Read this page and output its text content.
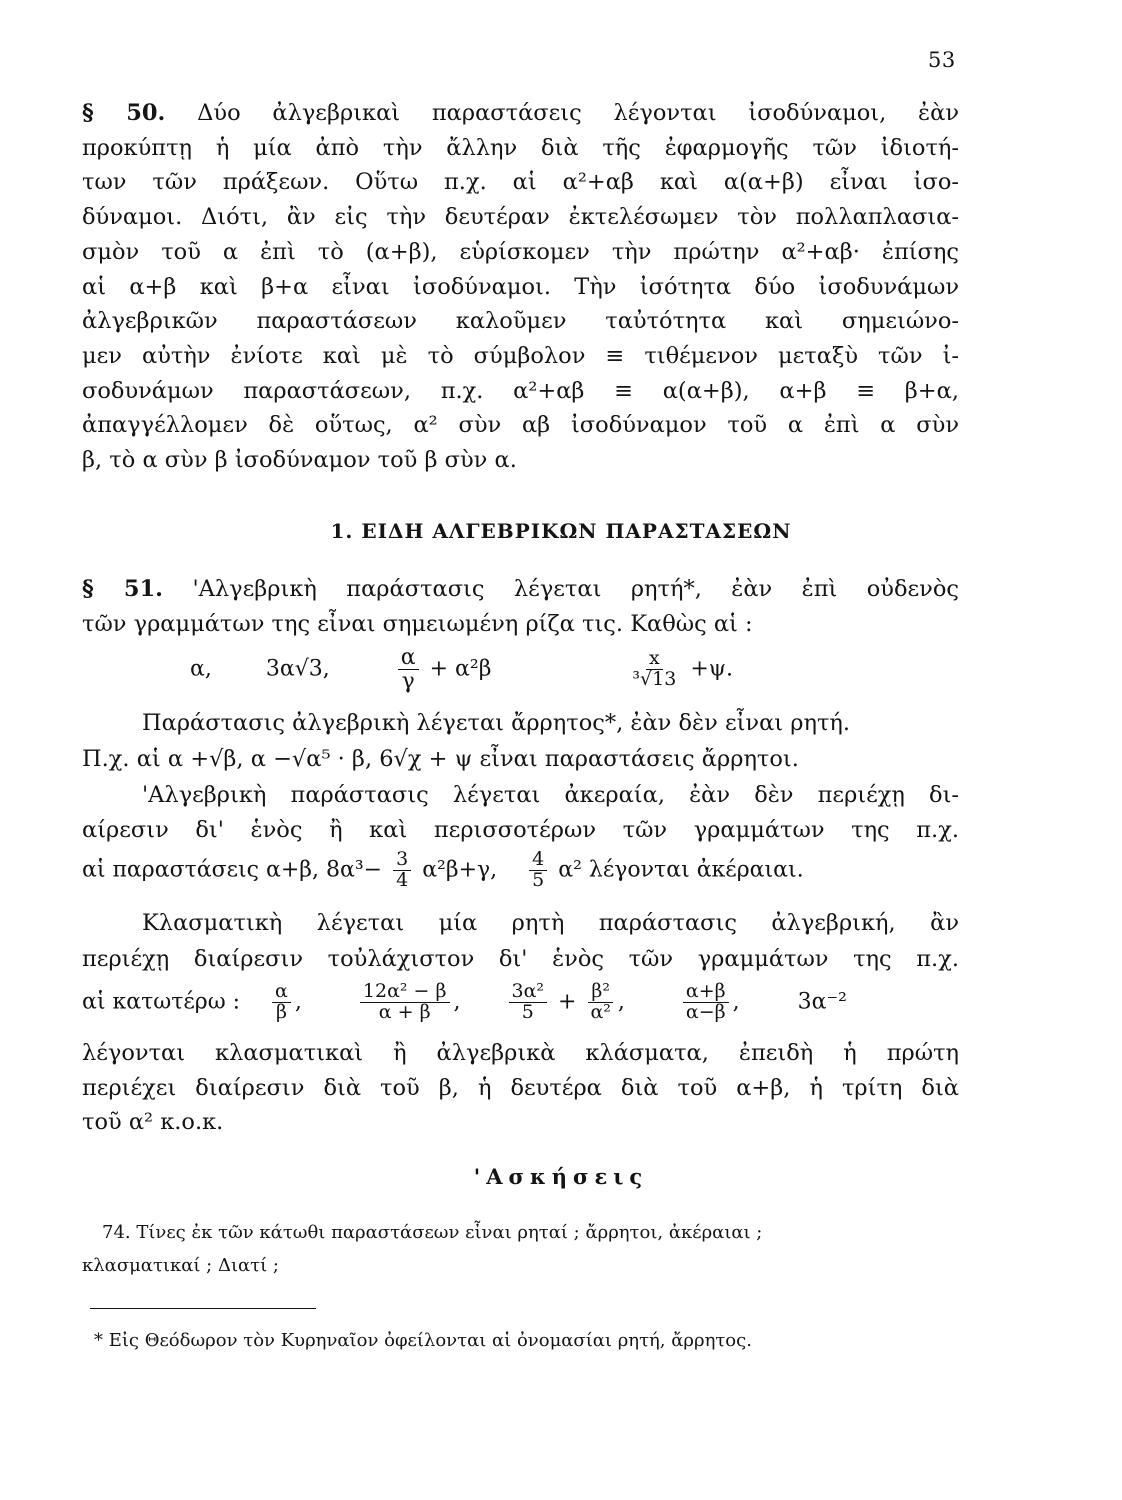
53

§ 50. Δύο ἀλγεβρικαὶ παραστάσεις λέγονται ἰσοδύναμοι, ἐὰν
προκύπτῃ ἡ μία ἀπὸ τὴν ἄλλην διὰ τῆς ἐφαρμογῆς τῶν ἰδιοτή-
των τῶν πράξεων. Οὕτω π.χ. αἱ α²+αβ καὶ α(α+β) εἶναι ἰσο-
δύναμοι. Διότι, ἂν εἰς τὴν δευτέραν ἐκτελέσωμεν τὸν πολλαπλασια-
σμὸν τοῦ α ἐπὶ τὸ (α+β), εὑρίσκομεν τὴν πρώτην α²+αβ· ἐπίσης
αἱ α+β καὶ β+α εἶναι ἰσοδύναμοι. Τὴν ἰσότητα δύο ἰσοδυνάμων
ἀλγεβρικῶν παραστάσεων καλοῦμεν ταὐτότητα καὶ σημειώνο-
μεν αὐτὴν ἐνίοτε καὶ μὲ τὸ σύμβολον ≡ τιθέμενον μεταξὺ τῶν ἰ-
σοδυνάμων παραστάσεων, π.χ. α²+αβ ≡ α(α+β), α+β ≡ β+α,
ἀπαγγέλλομεν δὲ οὕτως, α² σὺν αβ ἰσοδύναμον τοῦ α ἐπὶ α σὺν

β, τὸ α σὺν β ἰσοδύναμον τοῦ β σὺν α.

1. ΕΙΔΗ ΑΛΓΕΒΡΙΚΩΝ ΠΑΡΑΣΤΑΣΕΩΝ

§ 51. 'Αλγεβρικὴ παράστασις λέγεται ρητή*, ἐὰν ἐπὶ οὐδενὸς

τῶν γραμμάτων της εἶναι σημειωμένη ρίζα τις. Καθὼς αἱ :

α, 3α√3,	$\frac{\alpha}{\gamma} + \alpha^2\beta$	$\frac{x}{\text{³√13}} +\psi$.

Παράστασις ἀλγεβρικὴ λέγεται ἄρρητος*, ἐὰν δὲν εἶναι ρητή.

Π.χ. αἱ α +√β, α −√α⁵ · β, 6√χ + ψ εἶναι παραστάσεις ἄρρητοι.

'Αλγεβρικὴ παράστασις λέγεται ἀκεραία, ἐὰν δὲν περιέχῃ δι-

αίρεσιν δι' ἑνὸς ἢ καὶ περισσοτέρων τῶν γραμμάτων της π.χ.

αἱ παραστάσεις α+β, $8\alpha^3- \frac{3}{4} \alpha^2\beta+\gamma$, $\frac{4}{5} \alpha^2$ λέγονται ἀκέραιαι.

Κλασματικὴ λέγεται μία ρητὴ παράστασις ἀλγεβρική, ἂν

περιέχῃ διαίρεσιν τοὐλάχιστον δι' ἑνὸς τῶν γραμμάτων της π.χ.

αἱ κατωτέρω : $\frac{\alpha}{\beta}$ ,	$\frac{\text{12α² − β}}{\alpha + \beta}$ , $\frac{\text{3α²}}{5} + \frac{\text{β²}}{\text{α²}}$ ,	$\frac{\alpha+\beta}{\alpha-\beta}$ ,  3α⁻²

λέγονται κλασματικαὶ ἢ ἀλγεβρικὰ κλάσματα, ἐπειδὴ ἡ πρώτη
περιέχει διαίρεσιν διὰ τοῦ β, ἡ δευτέρα διὰ τοῦ α+β, ἡ τρίτη διὰ

τοῦ α² κ.ο.κ.

'Ασκήσεις
74. Τίνες ἐκ τῶν κάτωθι παραστάσεων εἶναι ρηταί ; ἄρρητοι, ἀκέραιαι ;
κλασματικαί ; Διατί ;
* Εἰς Θεόδωρον τὸν Κυρηναῖον ὀφείλονται αἱ ὀνομασίαι ρητή, ἄρρητος.
